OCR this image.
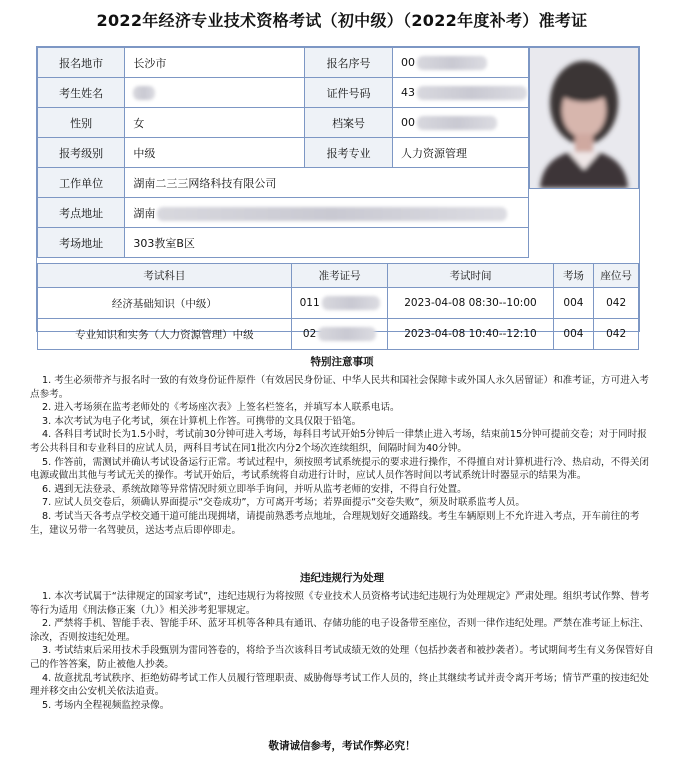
2022年经济专业技术资格考试（初中级）（2022年度补考）准考证
报名地市	长沙市	报名序号	00
考生姓名		证件号码	43
性别	女	档案号	00
报考级别	中级	报考专业	人力资源管理
工作单位	湖南二三三网络科技有限公司		
考点地址	湖南		
考场地址	303教室B区		
考试科目	准考证号	考试时间	考场	座位号
经济基础知识（中级）	011	2023-04-08 08:30--10:00	004	042
专业知识和实务（人力资源管理）中级	02	2023-04-08 10:40--12:10	004	042
特别注意事项

1. 考生必须带齐与报名时一致的有效身份证件原件（有效居民身份证、中华人民共和国社会保障卡或外国人永久居留证）和准考证，方可进入考点参考。

2. 进入考场须在监考老师处的《考场座次表》上签名栏签名，并填写本人联系电话。

3. 本次考试为电子化考试，须在计算机上作答。可携带的文具仅限于铅笔。

4. 各科目考试时长为1.5小时，考试前30分钟可进入考场，每科目考试开始5分钟后一律禁止进入考场，结束前15分钟可提前交卷；对于同时报考公共科目和专业科目的应试人员，两科目考试在同1批次内分2个场次连续组织，间隔时间为40分钟。

5. 作答前，需测试并确认考试设备运行正常。考试过程中，须按照考试系统提示的要求进行操作，不得擅自对计算机进行冷、热启动，不得关闭电源或做出其他与考试无关的操作。考试开始后，考试系统将自动进行计时，应试人员作答时间以考试系统计时器显示的结果为准。

6. 遇到无法登录、系统故障等异常情况时须立即举手询问，并听从监考老师的安排，不得自行处置。

7. 应试人员交卷后，须确认界面提示“交卷成功”，方可离开考场；若界面提示“交卷失败”，须及时联系监考人员。

8. 考试当天各考点学校交通干道可能出现拥堵，请提前熟悉考点地址，合理规划好交通路线。考生车辆原则上不允许进入考点，开车前往的考生，建议另带一名驾驶员，送达考点后即停即走。

违纪违规行为处理

1. 本次考试属于“法律规定的国家考试”，违纪违规行为将按照《专业技术人员资格考试违纪违规行为处理规定》严肃处理。组织考试作弊、替考等行为适用《刑法修正案（九）》相关涉考犯罪规定。

2. 严禁将手机、智能手表、智能手环、蓝牙耳机等各种具有通讯、存储功能的电子设备带至座位，否则一律作违纪处理。严禁在准考证上标注、涂改，否则按违纪处理。

3. 考试结束后采用技术手段甄别为雷同答卷的，将给予当次该科目考试成绩无效的处理（包括抄袭者和被抄袭者）。考试期间考生有义务保管好自己的作答答案，防止被他人抄袭。

4. 故意扰乱考试秩序、拒绝妨碍考试工作人员履行管理职责、威胁侮辱考试工作人员的，终止其继续考试并责令离开考场；情节严重的按违纪处理并移交由公安机关依法追责。

5. 考场内全程视频监控录像。

敬请诚信参考，考试作弊必究！
